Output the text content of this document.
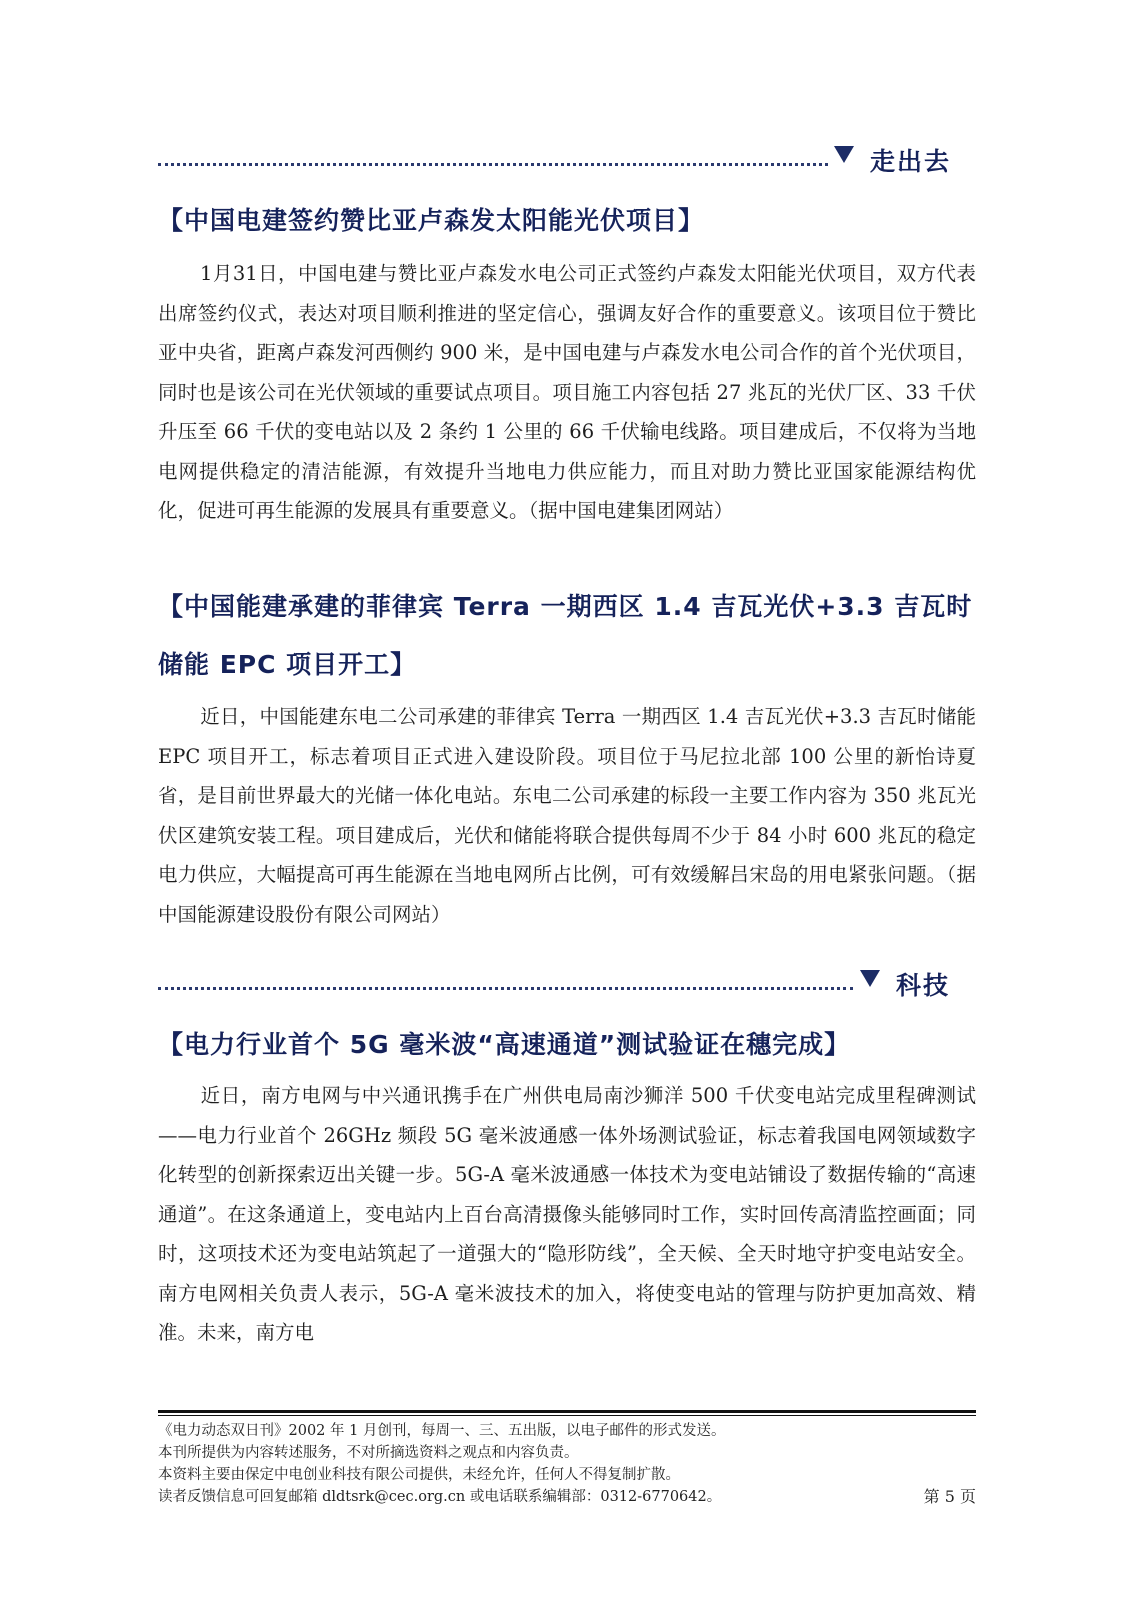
走出去
【中国电建签约赞比亚卢森发太阳能光伏项目】

1月31日，中国电建与赞比亚卢森发水电公司正式签约卢森发太阳能光伏项目，双方代表出席签约仪式，表达对项目顺利推进的坚定信心，强调友好合作的重要意义。该项目位于赞比亚中央省，距离卢森发河西侧约 900 米，是中国电建与卢森发水电公司合作的首个光伏项目，同时也是该公司在光伏领域的重要试点项目。项目施工内容包括 27 兆瓦的光伏厂区、33 千伏升压至 66 千伏的变电站以及 2 条约 1 公里的 66 千伏输电线路。项目建成后，不仅将为当地电网提供稳定的清洁能源，有效提升当地电力供应能力，而且对助力赞比亚国家能源结构优化，促进可再生能源的发展具有重要意义。（据中国电建集团网站）

【中国能建承建的菲律宾 Terra 一期西区 1.4 吉瓦光伏+3.3 吉瓦时储能 EPC 项目开工】

近日，中国能建东电二公司承建的菲律宾 Terra 一期西区 1.4 吉瓦光伏+3.3 吉瓦时储能 EPC 项目开工，标志着项目正式进入建设阶段。项目位于马尼拉北部 100 公里的新怡诗夏省，是目前世界最大的光储一体化电站。东电二公司承建的标段一主要工作内容为 350 兆瓦光伏区建筑安装工程。项目建成后，光伏和储能将联合提供每周不少于 84 小时 600 兆瓦的稳定电力供应，大幅提高可再生能源在当地电网所占比例，可有效缓解吕宋岛的用电紧张问题。（据中国能源建设股份有限公司网站）

科技
【电力行业首个 5G 毫米波“高速通道”测试验证在穗完成】

近日，南方电网与中兴通讯携手在广州供电局南沙狮洋 500 千伏变电站完成里程碑测试——电力行业首个 26GHz 频段 5G 毫米波通感一体外场测试验证，标志着我国电网领域数字化转型的创新探索迈出关键一步。5G-A 毫米波通感一体技术为变电站铺设了数据传输的“高速通道”。在这条通道上，变电站内上百台高清摄像头能够同时工作，实时回传高清监控画面；同时，这项技术还为变电站筑起了一道强大的“隐形防线”，全天候、全天时地守护变电站安全。南方电网相关负责人表示，5G-A 毫米波技术的加入，将使变电站的管理与防护更加高效、精准。未来，南方电

《电力动态双日刊》2002 年 1 月创刊，每周一、三、五出版，以电子邮件的形式发送。
本刊所提供为内容转述服务，不对所摘选资料之观点和内容负责。
本资料主要由保定中电创业科技有限公司提供，未经允许，任何人不得复制扩散。
读者反馈信息可回复邮箱 dldtsrk@cec.org.cn 或电话联系编辑部：0312-6770642。	第 5 页
